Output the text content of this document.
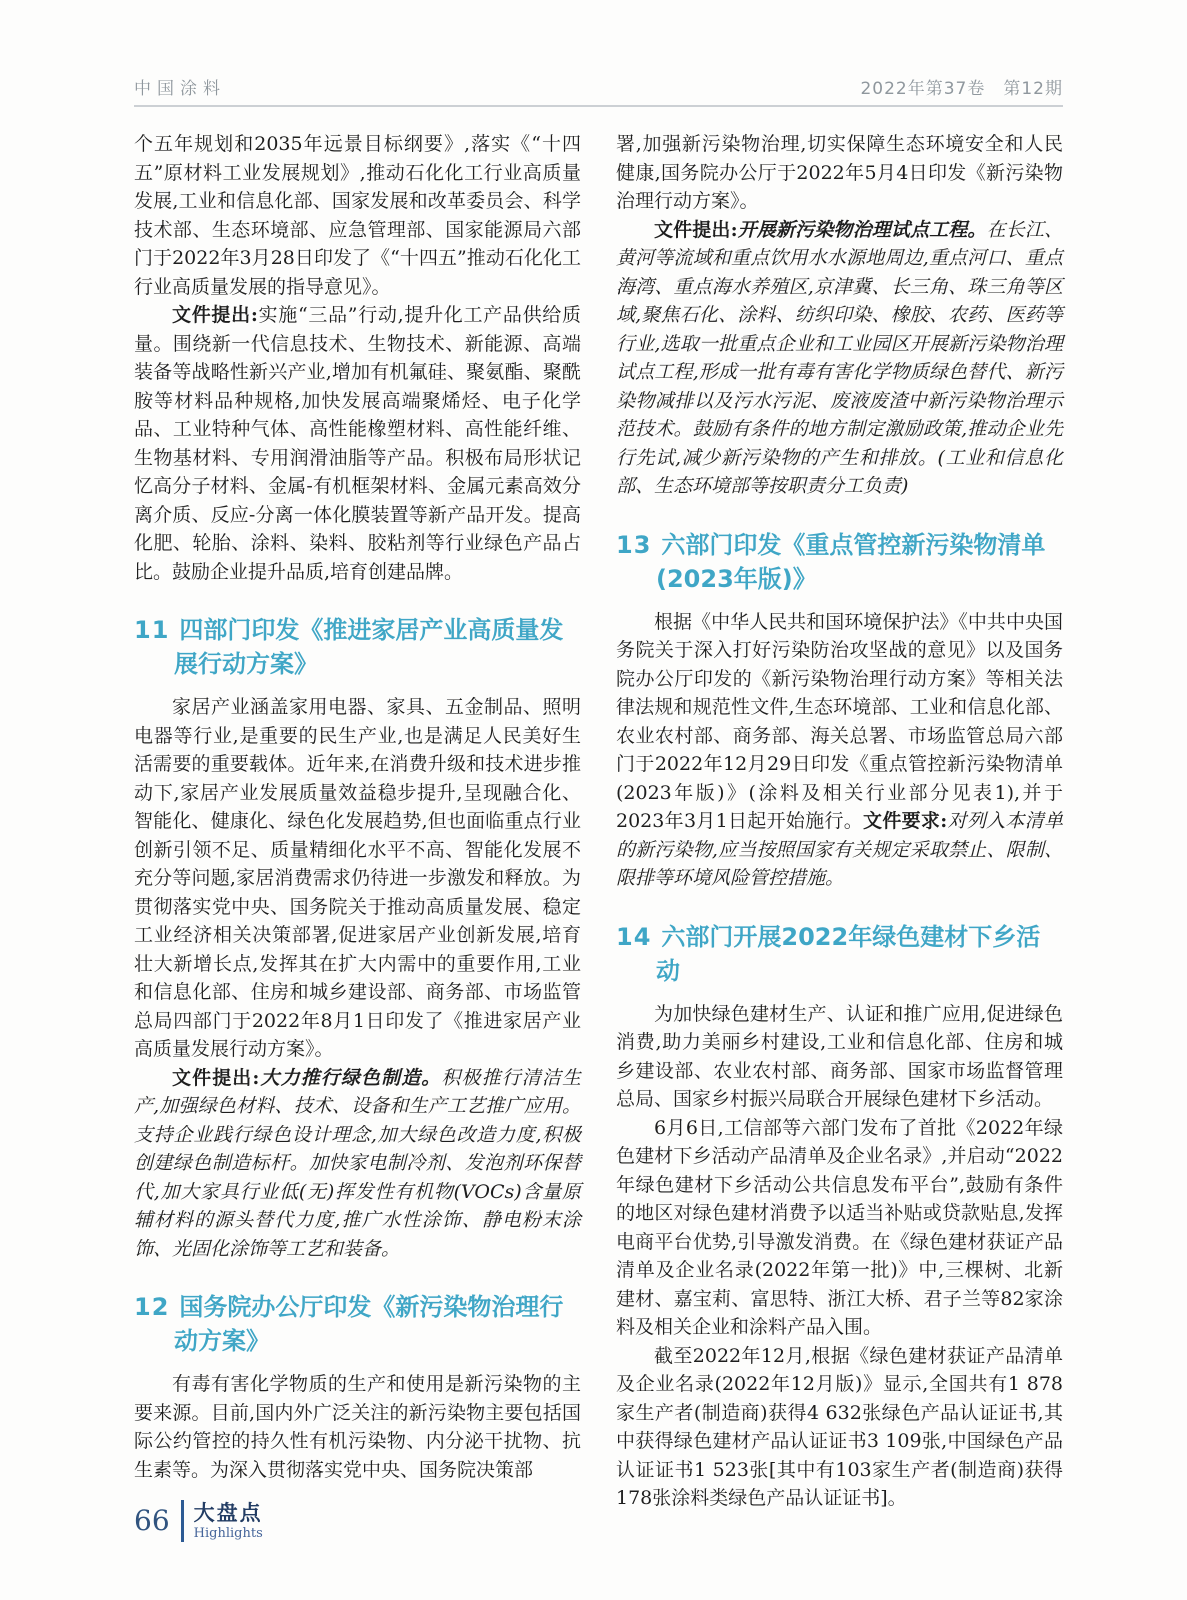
中国涂料	2022年第37卷　第12期

个五年规划和2035年远景目标纲要》,落实《“十四五”原材料工业发展规划》,推动石化化工行业高质量发展,工业和信息化部、国家发展和改革委员会、科学技术部、生态环境部、应急管理部、国家能源局六部门于2022年3月28日印发了《“十四五”推动石化化工行业高质量发展的指导意见》。

文件提出:实施“三品”行动,提升化工产品供给质量。围绕新一代信息技术、生物技术、新能源、高端装备等战略性新兴产业,增加有机氟硅、聚氨酯、聚酰胺等材料品种规格,加快发展高端聚烯烃、电子化学品、工业特种气体、高性能橡塑材料、高性能纤维、生物基材料、专用润滑油脂等产品。积极布局形状记忆高分子材料、金属-有机框架材料、金属元素高效分离介质、反应-分离一体化膜装置等新产品开发。提高化肥、轮胎、涂料、染料、胶粘剂等行业绿色产品占比。鼓励企业提升品质,培育创建品牌。

11 四部门印发《推进家居产业高质量发展行动方案》

家居产业涵盖家用电器、家具、五金制品、照明电器等行业,是重要的民生产业,也是满足人民美好生活需要的重要载体。近年来,在消费升级和技术进步推动下,家居产业发展质量效益稳步提升,呈现融合化、智能化、健康化、绿色化发展趋势,但也面临重点行业创新引领不足、质量精细化水平不高、智能化发展不充分等问题,家居消费需求仍待进一步激发和释放。为贯彻落实党中央、国务院关于推动高质量发展、稳定工业经济相关决策部署,促进家居产业创新发展,培育壮大新增长点,发挥其在扩大内需中的重要作用,工业和信息化部、住房和城乡建设部、商务部、市场监管总局四部门于2022年8月1日印发了《推进家居产业高质量发展行动方案》。

文件提出:大力推行绿色制造。积极推行清洁生产,加强绿色材料、技术、设备和生产工艺推广应用。支持企业践行绿色设计理念,加大绿色改造力度,积极创建绿色制造标杆。加快家电制冷剂、发泡剂环保替代,加大家具行业低(无)挥发性有机物(VOCs)含量原辅材料的源头替代力度,推广水性涂饰、静电粉末涂饰、光固化涂饰等工艺和装备。

12 国务院办公厅印发《新污染物治理行动方案》

有毒有害化学物质的生产和使用是新污染物的主要来源。目前,国内外广泛关注的新污染物主要包括国际公约管控的持久性有机污染物、内分泌干扰物、抗生素等。为深入贯彻落实党中央、国务院决策部

署,加强新污染物治理,切实保障生态环境安全和人民健康,国务院办公厅于2022年5月4日印发《新污染物治理行动方案》。

文件提出:开展新污染物治理试点工程。在长江、黄河等流域和重点饮用水水源地周边,重点河口、重点海湾、重点海水养殖区,京津冀、长三角、珠三角等区域,聚焦石化、涂料、纺织印染、橡胶、农药、医药等行业,选取一批重点企业和工业园区开展新污染物治理试点工程,形成一批有毒有害化学物质绿色替代、新污染物减排以及污水污泥、废液废渣中新污染物治理示范技术。鼓励有条件的地方制定激励政策,推动企业先行先试,减少新污染物的产生和排放。(工业和信息化部、生态环境部等按职责分工负责)

13 六部门印发《重点管控新污染物清单(2023年版)》

根据《中华人民共和国环境保护法》《中共中央国务院关于深入打好污染防治攻坚战的意见》以及国务院办公厅印发的《新污染物治理行动方案》等相关法律法规和规范性文件,生态环境部、工业和信息化部、农业农村部、商务部、海关总署、市场监管总局六部门于2022年12月29日印发《重点管控新污染物清单(2023年版)》(涂料及相关行业部分见表1),并于2023年3月1日起开始施行。文件要求:对列入本清单的新污染物,应当按照国家有关规定采取禁止、限制、限排等环境风险管控措施。

14 六部门开展2022年绿色建材下乡活动

为加快绿色建材生产、认证和推广应用,促进绿色消费,助力美丽乡村建设,工业和信息化部、住房和城乡建设部、农业农村部、商务部、国家市场监督管理总局、国家乡村振兴局联合开展绿色建材下乡活动。

6月6日,工信部等六部门发布了首批《2022年绿色建材下乡活动产品清单及企业名录》,并启动“2022年绿色建材下乡活动公共信息发布平台”,鼓励有条件的地区对绿色建材消费予以适当补贴或贷款贴息,发挥电商平台优势,引导激发消费。在《绿色建材获证产品清单及企业名录(2022年第一批)》中,三棵树、北新建材、嘉宝莉、富思特、浙江大桥、君子兰等82家涂料及相关企业和涂料产品入围。

截至2022年12月,根据《绿色建材获证产品清单及企业名录(2022年12月版)》显示,全国共有1 878家生产者(制造商)获得4 632张绿色产品认证证书,其中获得绿色建材产品认证证书3 109张,中国绿色产品认证证书1 523张[其中有103家生产者(制造商)获得178张涂料类绿色产品认证证书]。

66 大盘点
Highlights
